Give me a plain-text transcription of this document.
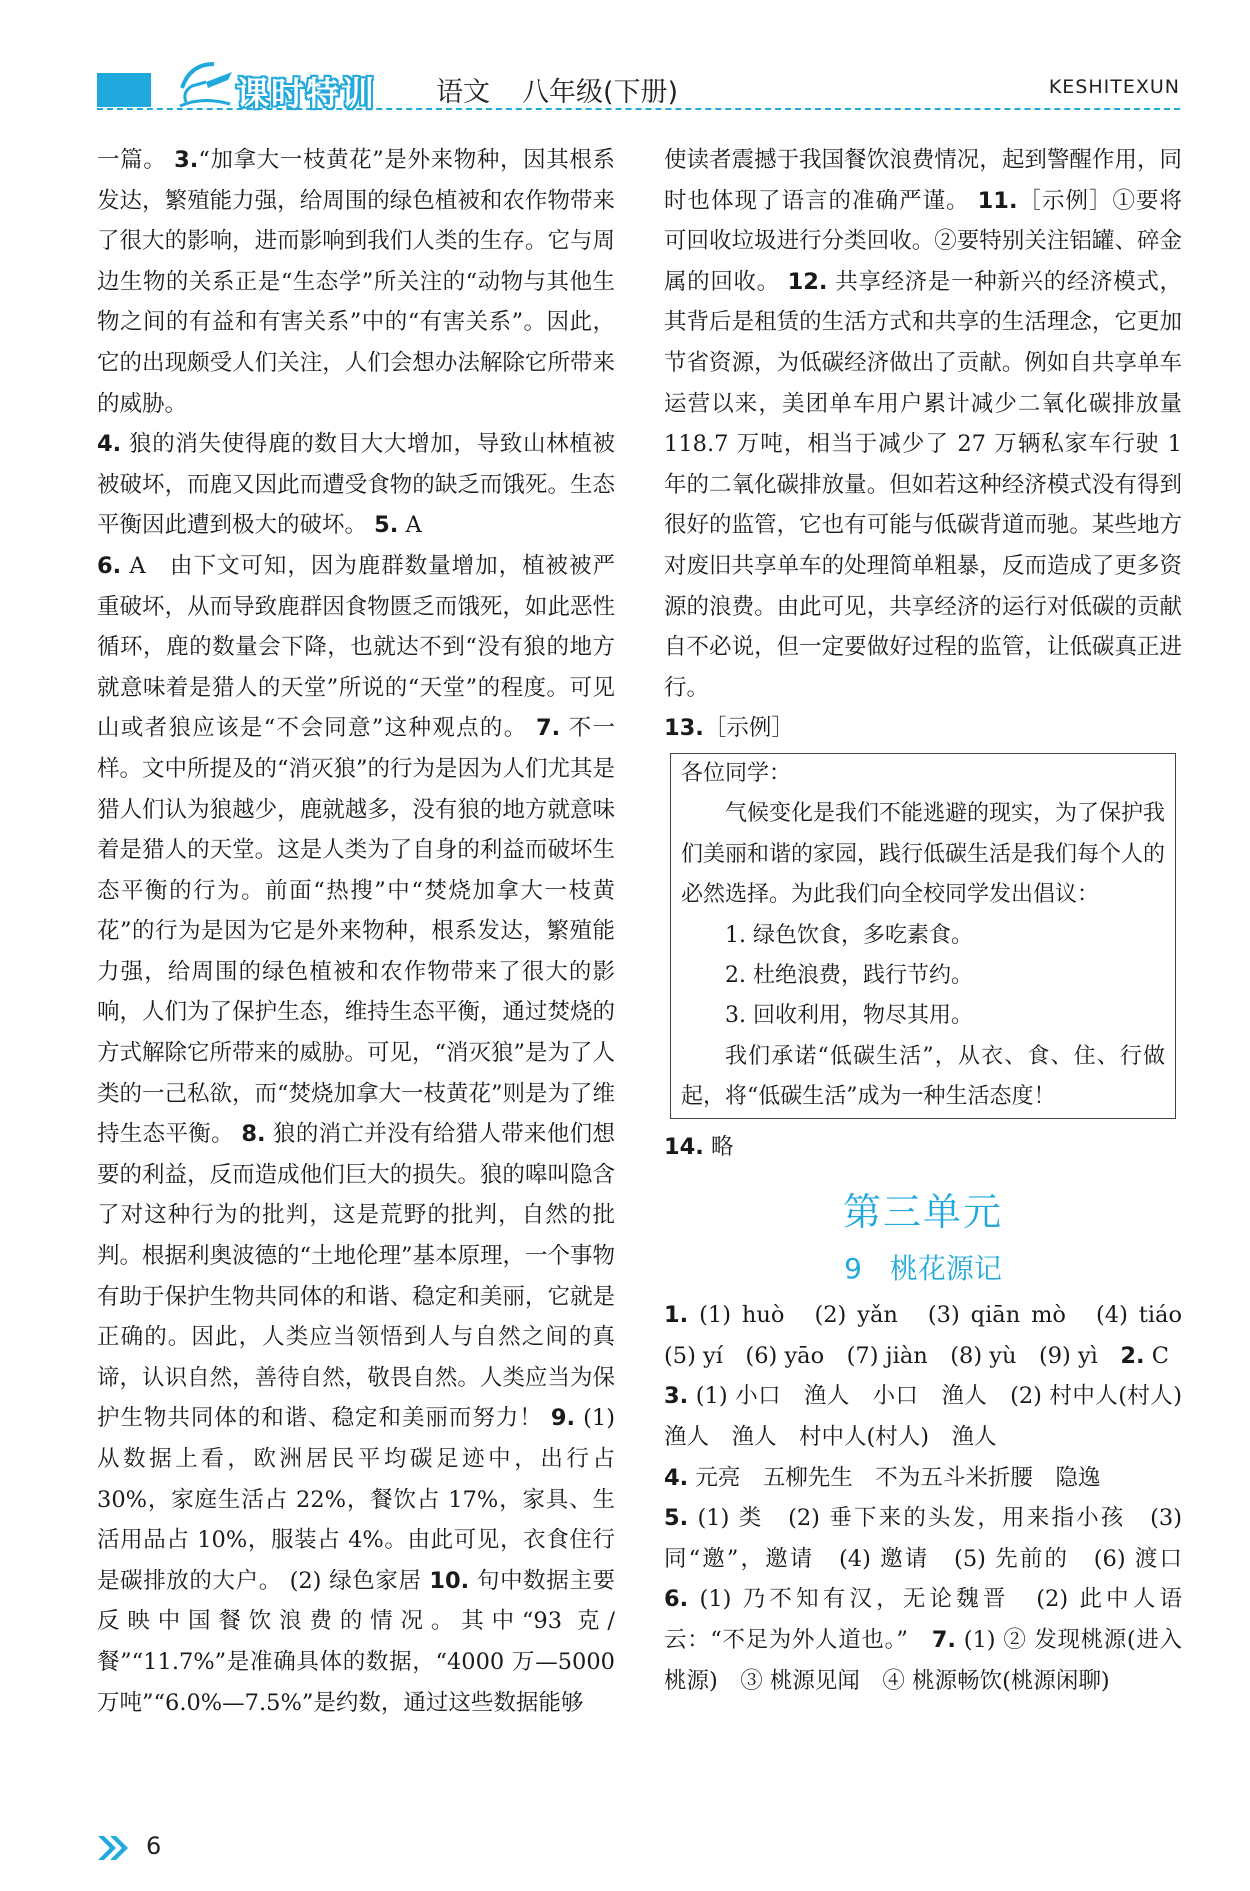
课时特训 语文 八年级(下册)	KESHITEXUN

一篇。 3.“加拿大一枝黄花”是外来物种，因其根系发达，繁殖能力强，给周围的绿色植被和农作物带来了很大的影响，进而影响到我们人类的生存。它与周边生物的关系正是“生态学”所关注的“动物与其他生物之间的有益和有害关系”中的“有害关系”。因此，它的出现颇受人们关注，人们会想办法解除它所带来的威胁。

4. 狼的消失使得鹿的数目大大增加，导致山林植被被破坏，而鹿又因此而遭受食物的缺乏而饿死。生态平衡因此遭到极大的破坏。 5. A

6. A　由下文可知，因为鹿群数量增加，植被被严重破坏，从而导致鹿群因食物匮乏而饿死，如此恶性循环，鹿的数量会下降，也就达不到“没有狼的地方就意味着是猎人的天堂”所说的“天堂”的程度。可见山或者狼应该是“不会同意”这种观点的。 7. 不一样。文中所提及的“消灭狼”的行为是因为人们尤其是猎人们认为狼越少，鹿就越多，没有狼的地方就意味着是猎人的天堂。这是人类为了自身的利益而破坏生态平衡的行为。前面“热搜”中“焚烧加拿大一枝黄花”的行为是因为它是外来物种，根系发达，繁殖能力强，给周围的绿色植被和农作物带来了很大的影响，人们为了保护生态，维持生态平衡，通过焚烧的方式解除它所带来的威胁。可见，“消灭狼”是为了人类的一己私欲，而“焚烧加拿大一枝黄花”则是为了维持生态平衡。 8. 狼的消亡并没有给猎人带来他们想要的利益，反而造成他们巨大的损失。狼的嗥叫隐含了对这种行为的批判，这是荒野的批判，自然的批判。根据利奥波德的“土地伦理”基本原理，一个事物有助于保护生物共同体的和谐、稳定和美丽，它就是正确的。因此，人类应当领悟到人与自然之间的真谛，认识自然，善待自然，敬畏自然。人类应当为保护生物共同体的和谐、稳定和美丽而努力！ 9. (1) 从数据上看，欧洲居民平均碳足迹中，出行占 30%，家庭生活占 22%，餐饮占 17%，家具、生活用品占 10%，服装占 4%。由此可见，衣食住行是碳排放的大户。 (2) 绿色家居 10. 句中数据主要反映中国餐饮浪费的情况。其中“93 克/餐”“11.7%”是准确具体的数据，“4000 万—5000 万吨”“6.0%—7.5%”是约数，通过这些数据能够

使读者震撼于我国餐饮浪费情况，起到警醒作用，同时也体现了语言的准确严谨。 11.［示例］①要将可回收垃圾进行分类回收。②要特别关注铝罐、碎金属的回收。 12. 共享经济是一种新兴的经济模式，其背后是租赁的生活方式和共享的生活理念，它更加节省资源，为低碳经济做出了贡献。例如自共享单车运营以来，美团单车用户累计减少二氧化碳排放量 118.7 万吨，相当于减少了 27 万辆私家车行驶 1 年的二氧化碳排放量。但如若这种经济模式没有得到很好的监管，它也有可能与低碳背道而驰。某些地方对废旧共享单车的处理简单粗暴，反而造成了更多资源的浪费。由此可见，共享经济的运行对低碳的贡献自不必说，但一定要做好过程的监管，让低碳真正进行。

13.［示例］

各位同学：

气候变化是我们不能逃避的现实，为了保护我们美丽和谐的家园，践行低碳生活是我们每个人的必然选择。为此我们向全校同学发出倡议：

1. 绿色饮食，多吃素食。

2. 杜绝浪费，践行节约。

3. 回收利用，物尽其用。

我们承诺“低碳生活”，从衣、食、住、行做起，将“低碳生活”成为一种生活态度！

14. 略

第三单元
9　桃花源记

1. (1) huò　(2) yǎn　(3) qiān mò　(4) tiáo　(5) yí　(6) yāo　(7) jiàn　(8) yù　(9) yì　2. C

3. (1) 小口　渔人　小口　渔人　(2) 村中人(村人)　渔人　渔人　村中人(村人)　渔人

4. 元亮　五柳先生　不为五斗米折腰　隐逸

5. (1) 类　(2) 垂下来的头发，用来指小孩　(3) 同“邀”，邀请　(4) 邀请　(5) 先前的　(6) 渡口　6. (1) 乃不知有汉，无论魏晋　(2) 此中人语云：“不足为外人道也。”　7. (1) ② 发现桃源(进入桃源)　③ 桃源见闻　④ 桃源畅饮(桃源闲聊)

6
